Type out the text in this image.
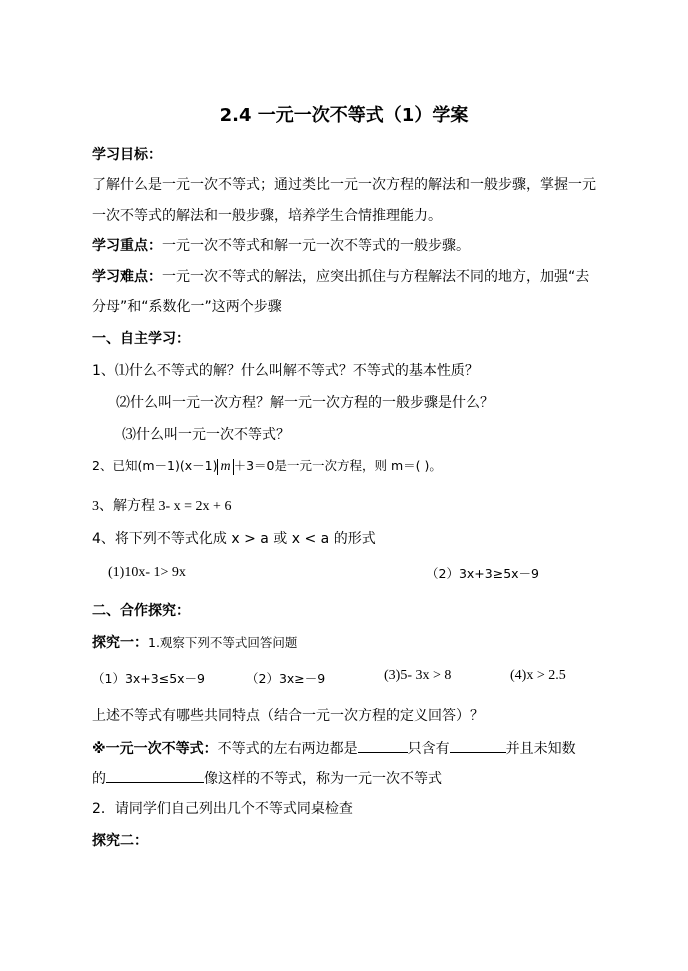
2.4 一元一次不等式（1）学案
学习目标：
了解什么是一元一次不等式；通过类比一元一次方程的解法和一般步骤，掌握一元
一次不等式的解法和一般步骤，培养学生合情推理能力。
学习重点：一元一次不等式和解一元一次不等式的一般步骤。
学习难点：一元一次不等式的解法，应突出抓住与方程解法不同的地方，加强“去
分母”和“系数化一”这两个步骤
一、自主学习：
1、⑴什么不等式的解？什么叫解不等式？不等式的基本性质？
⑵什么叫一元一次方程？解一元一次方程的一般步骤是什么？
⑶什么叫一元一次不等式？
2、已知(m－1)(x－1) m ＋3＝0是一元一次方程，则 m＝( )。
3、解方程 3- x = 2x + 6
4、将下列不等式化成 x > a 或 x < a 的形式
(1)10x- 1> 9x	（2）3x+3≥5x－9
二、合作探究：
探究一：1.观察下列不等式回答问题
（1）3x+3≤5x－9	（2）3x≥－9	(3)5- 3x > 8	(4)x > 2.5
上述不等式有哪些共同特点（结合一元一次方程的定义回答）？
※一元一次不等式：不等式的左右两边都是	只含有	并且未知数
的	像这样的不等式，称为一元一次不等式
2．请同学们自己列出几个不等式同桌检查
探究二：
